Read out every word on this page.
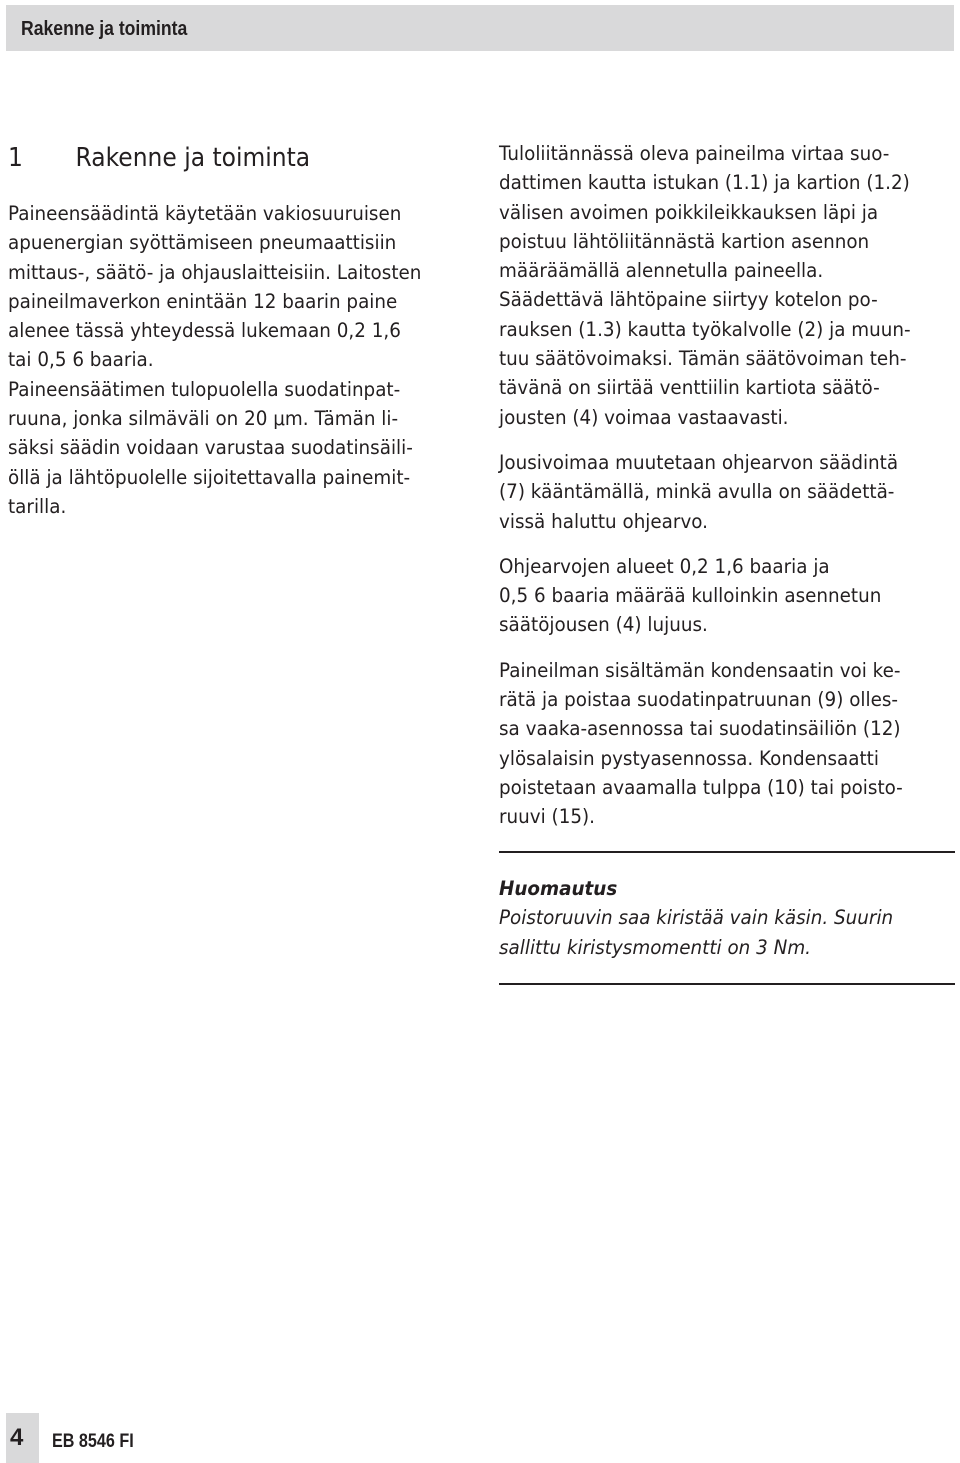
Rakenne ja toiminta
1 Rakenne ja toiminta

Paineensäädintä käytetään vakiosuuruisen
apuenergian syöttämiseen pneumaattisiin
mittaus-, säätö- ja ohjauslaitteisiin. Laitosten
paineilmaverkon enintään 12 baarin paine
alenee tässä yhteydessä lukemaan 0,2 1,6
tai 0,5 6 baaria.
Paineensäätimen tulopuolella suodatinpat-
ruuna, jonka silmäväli on 20 μm. Tämän li-
säksi säädin voidaan varustaa suodatinsäili-
öllä ja lähtöpuolelle sijoitettavalla painemit-
tarilla.

Tuloliitännässä oleva paineilma virtaa suo-
dattimen kautta istukan (1.1) ja kartion (1.2)
välisen avoimen poikkileikkauksen läpi ja
poistuu lähtöliitännästä kartion asennon
määräämällä alennetulla paineella.
Säädettävä lähtöpaine siirtyy kotelon po-
rauksen (1.3) kautta työkalvolle (2) ja muun-
tuu säätövoimaksi. Tämän säätövoiman teh-
tävänä on siirtää venttiilin kartiota säätö-
jousten (4) voimaa vastaavasti.

Jousivoimaa muutetaan ohjearvon säädintä
(7) kääntämällä, minkä avulla on säädettä-
vissä haluttu ohjearvo.

Ohjearvojen alueet 0,2 1,6 baaria ja
0,5 6 baaria määrää kulloinkin asennetun
säätöjousen (4) lujuus.

Paineilman sisältämän kondensaatin voi ke-
rätä ja poistaa suodatinpatruunan (9) olles-
sa vaaka-asennossa tai suodatinsäiliön (12)
ylösalaisin pystyasennossa. Kondensaatti
poistetaan avaamalla tulppa (10) tai poisto-
ruuvi (15).

Huomautus
Poistoruuvin saa kiristää vain käsin. Suurin
sallittu kiristysmomentti on 3 Nm.
4 EB 8546 FI
